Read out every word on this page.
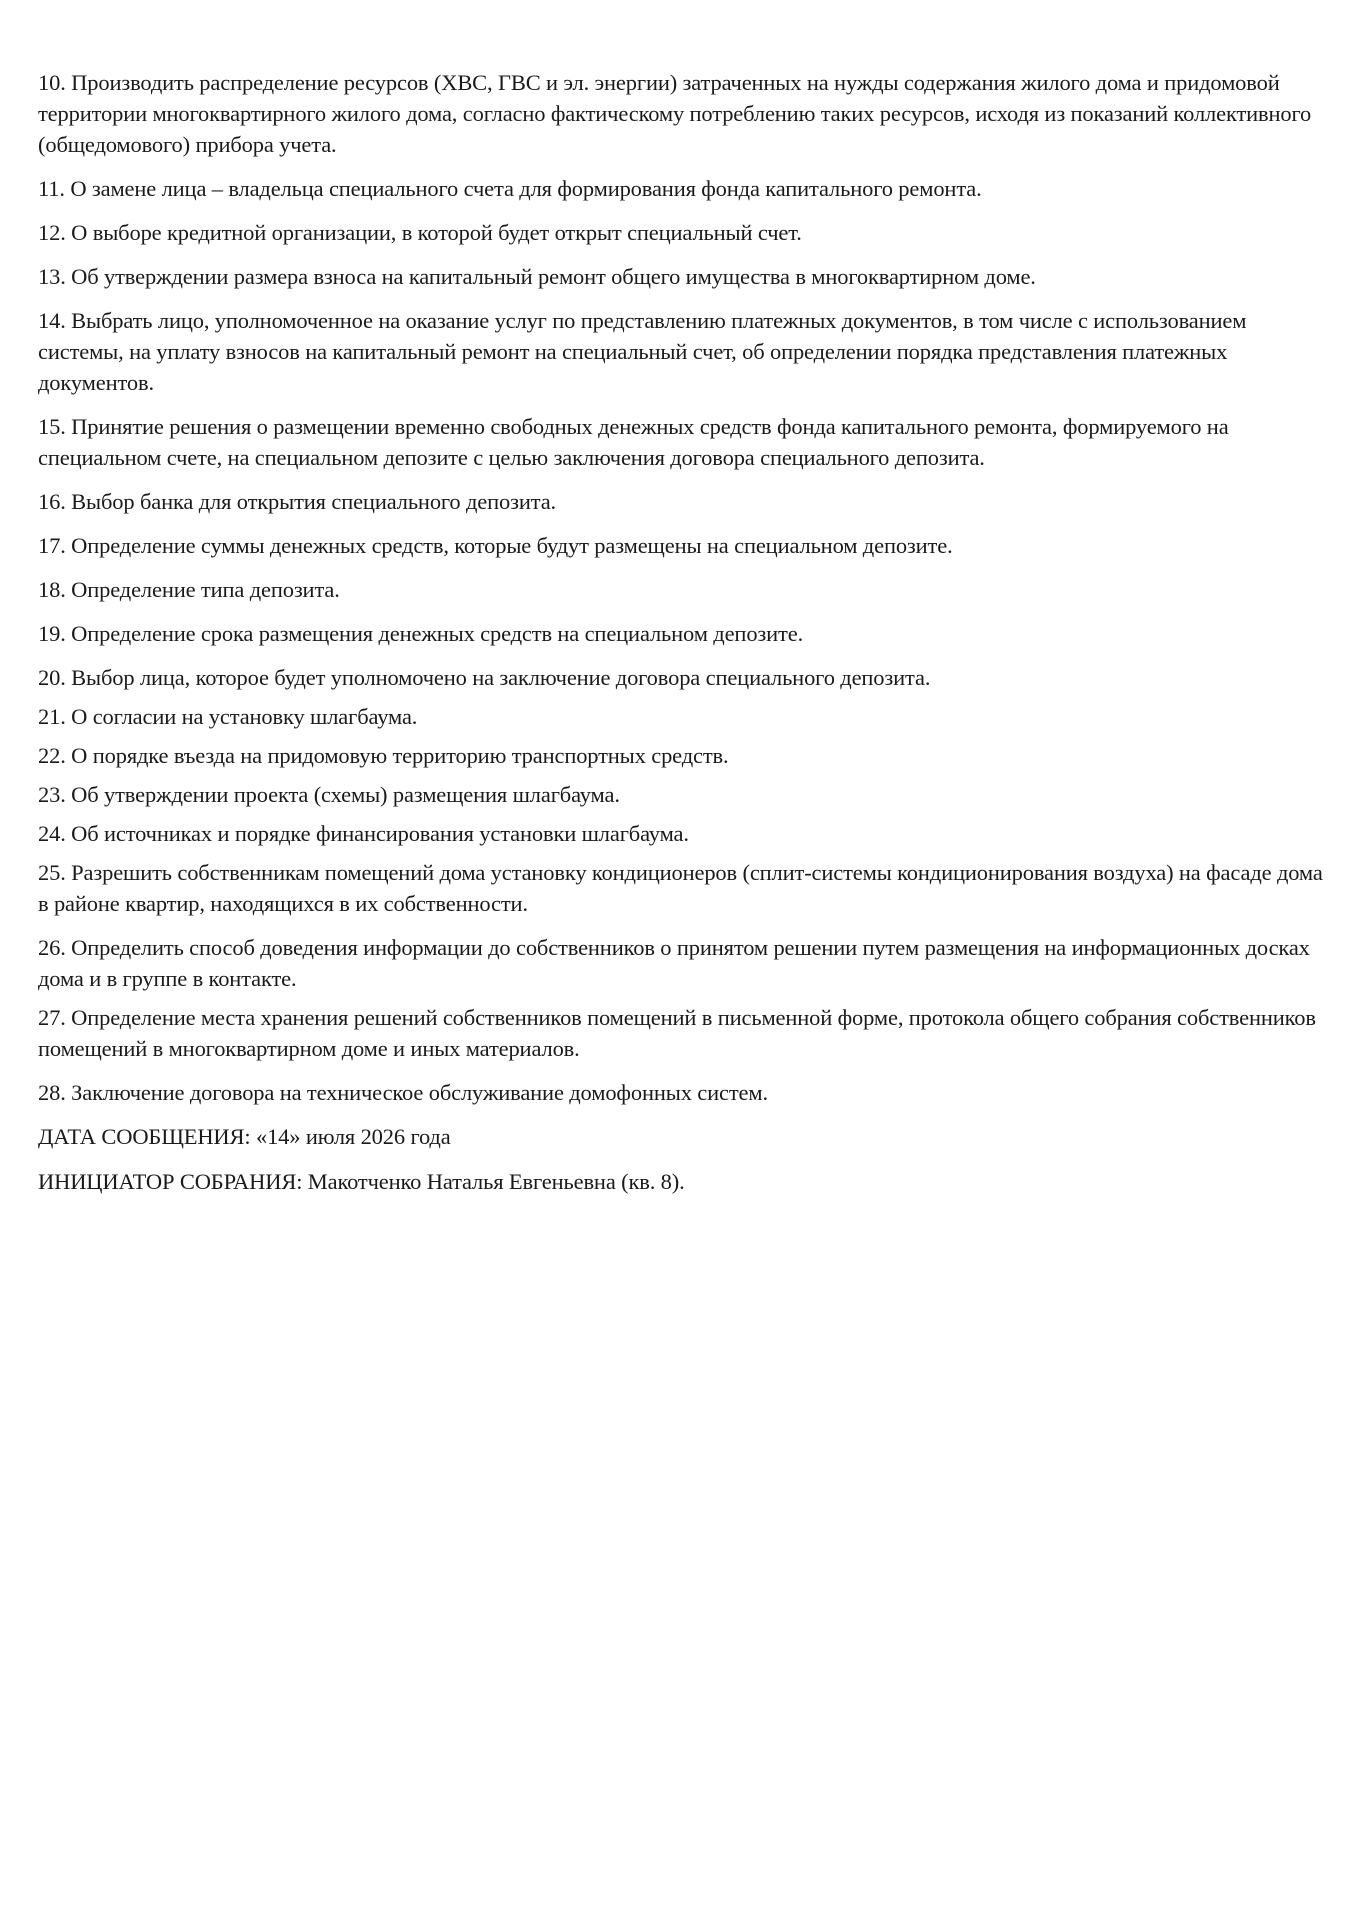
10. Производить распределение ресурсов (ХВС, ГВС и эл. энергии) затраченных на нужды содержания жилого дома и придомовой территории многоквартирного жилого дома, согласно фактическому потреблению таких ресурсов, исходя из показаний коллективного (общедомового) прибора учета.

11. О замене лица – владельца специального счета для формирования фонда капитального ремонта.

12. О выборе кредитной организации, в которой будет открыт специальный счет.

13. Об утверждении размера взноса на капитальный ремонт общего имущества в многоквартирном доме.

14. Выбрать лицо, уполномоченное на оказание услуг по представлению платежных документов, в том числе с использованием системы, на уплату взносов на капитальный ремонт на специальный счет, об определении порядка представления платежных документов.

15. Принятие решения о размещении временно свободных денежных средств фонда капитального ремонта, формируемого на специальном счете, на специальном депозите с целью заключения договора специального депозита.

16. Выбор банка для открытия специального депозита.

17. Определение суммы денежных средств, которые будут размещены на специальном депозите.

18. Определение типа депозита.

19. Определение срока размещения денежных средств на специальном депозите.

20. Выбор лица, которое будет уполномочено на заключение договора специального депозита.

21. О согласии на установку шлагбаума.

22. О порядке въезда на придомовую территорию транспортных средств.

23. Об утверждении проекта (схемы) размещения шлагбаума.

24. Об источниках и порядке финансирования установки шлагбаума.

25. Разрешить собственникам помещений дома установку кондиционеров (сплит-системы кондиционирования воздуха) на фасаде дома в районе квартир, находящихся в их собственности.

26. Определить способ доведения информации до собственников о принятом решении путем размещения на информационных досках дома и в группе в контакте.

27. Определение места хранения решений собственников помещений в письменной форме, протокола общего собрания собственников помещений в многоквартирном доме и иных материалов.

28. Заключение договора на техническое обслуживание домофонных систем.

ДАТА СООБЩЕНИЯ: «14» июля 2026 года

ИНИЦИАТОР СОБРАНИЯ: Макотченко Наталья Евгеньевна (кв. 8).
